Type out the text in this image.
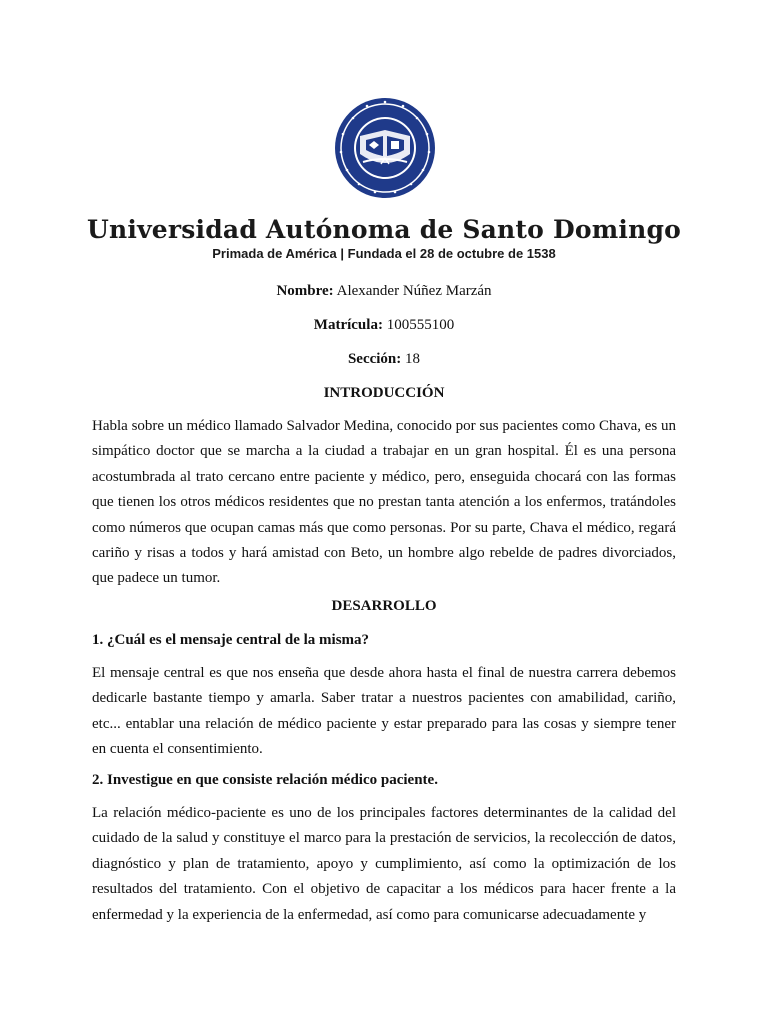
Universidad Autónoma de Santo Domingo
Primada de América | Fundada el 28 de octubre de 1538
Nombre: Alexander Núñez Marzán
Matrícula: 100555100
Sección: 18
INTRODUCCIÓN

Habla sobre un médico llamado Salvador Medina, conocido por sus pacientes como Chava, es un simpático doctor que se marcha a la ciudad a trabajar en un gran hospital. Él es una persona acostumbrada al trato cercano entre paciente y médico, pero, enseguida chocará con las formas que tienen los otros médicos residentes que no prestan tanta atención a los enfermos, tratándoles como números que ocupan camas más que como personas. Por su parte, Chava el médico, regará cariño y risas a todos y hará amistad con Beto, un hombre algo rebelde de padres divorciados, que padece un tumor.

DESARROLLO
1. ¿Cuál es el mensaje central de la misma?

El mensaje central es que nos enseña que desde ahora hasta el final de nuestra carrera debemos dedicarle bastante tiempo y amarla. Saber tratar a nuestros pacientes con amabilidad, cariño, etc... entablar una relación de médico paciente y estar preparado para las cosas y siempre tener en cuenta el consentimiento.

2. Investigue en que consiste relación médico paciente.

La relación médico-paciente es uno de los principales factores determinantes de la calidad del cuidado de la salud y constituye el marco para la prestación de servicios, la recolección de datos, diagnóstico y plan de tratamiento, apoyo y cumplimiento, así como la optimización de los resultados del tratamiento. Con el objetivo de capacitar a los médicos para hacer frente a la enfermedad y la experiencia de la enfermedad, así como para comunicarse adecuadamente y
